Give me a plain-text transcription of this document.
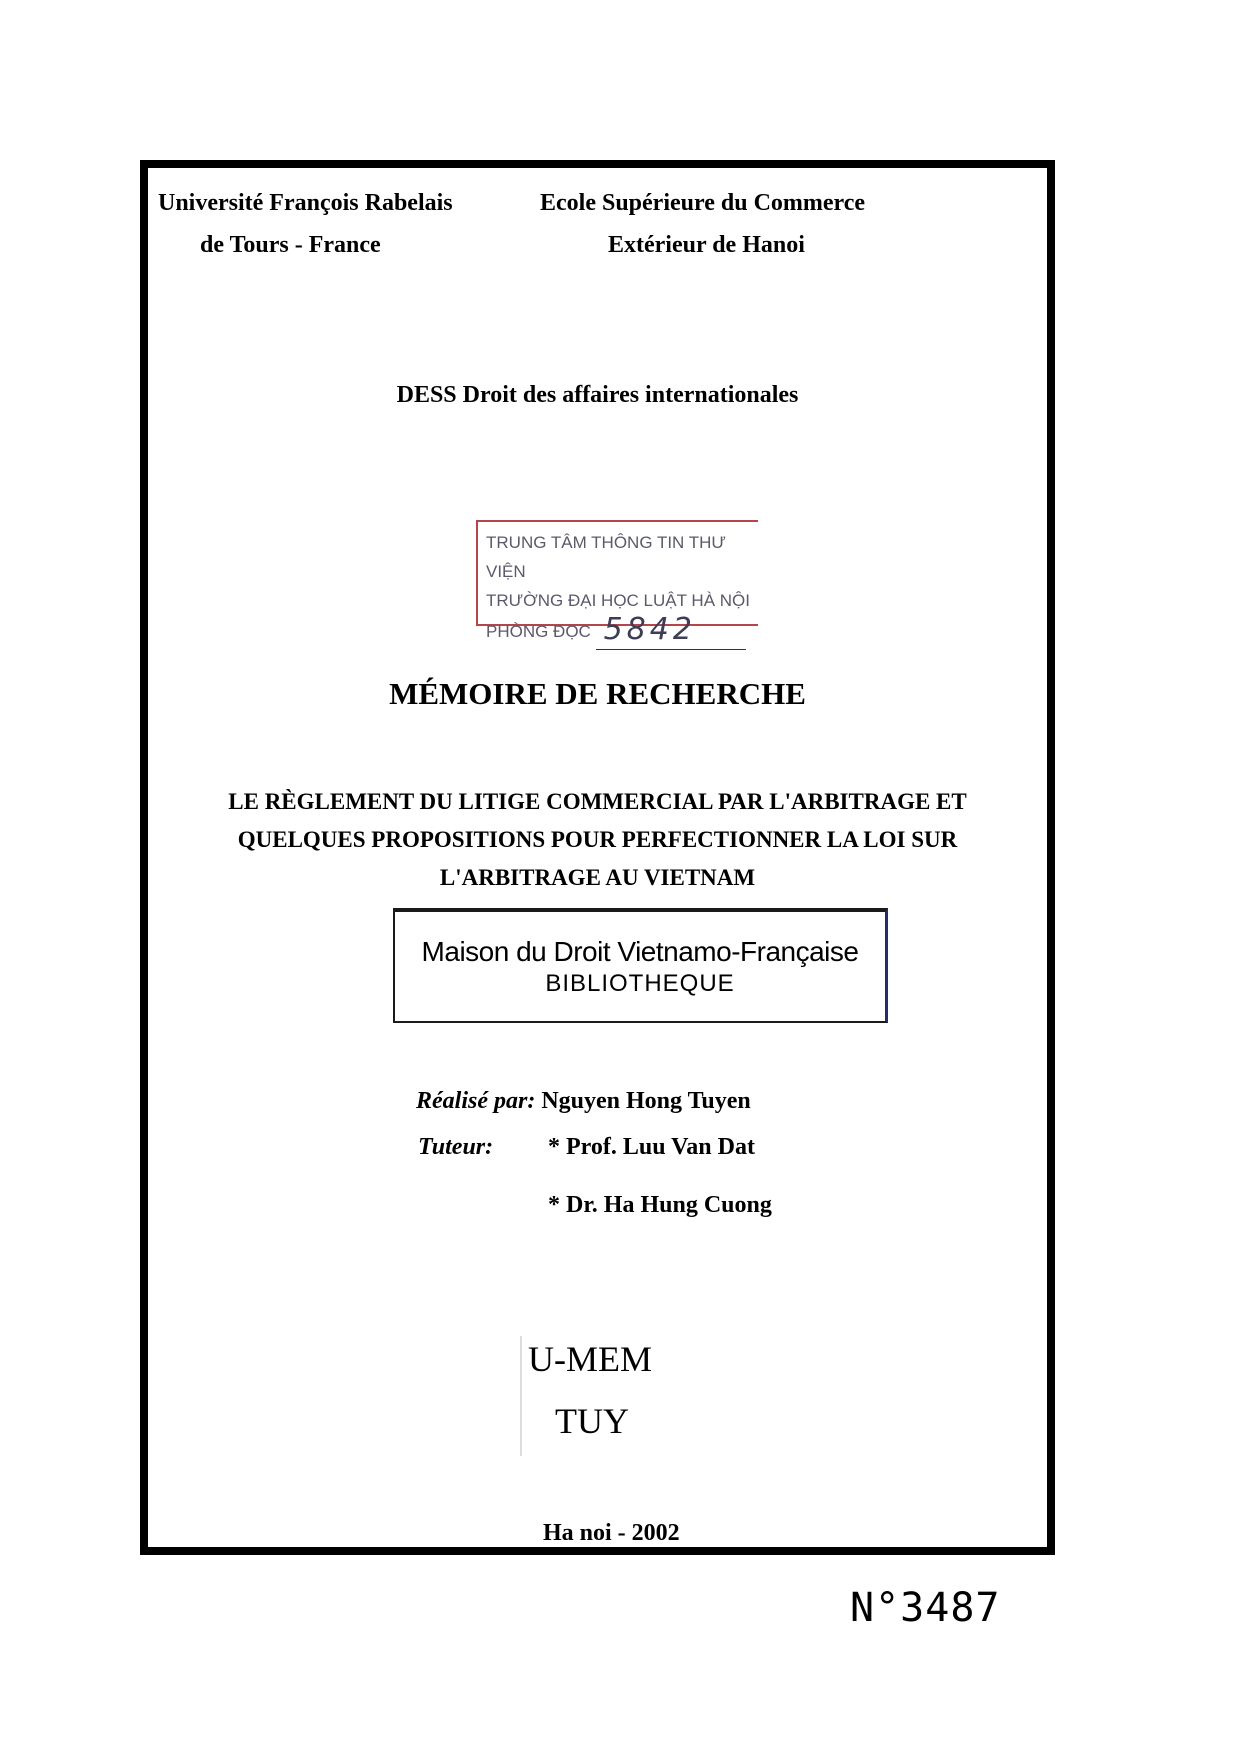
Université François Rabelais
de Tours - France
Ecole Supérieure du Commerce
Extérieur de Hanoi
DESS Droit des affaires internationales
TRUNG TÂM THÔNG TIN THƯ VIỆN
TRƯỜNG ĐẠI HỌC LUẬT HÀ NỘI
PHÒNG ĐỌC 5842
MÉMOIRE DE RECHERCHE
LE RÈGLEMENT DU LITIGE COMMERCIAL PAR L'ARBITRAGE ET
QUELQUES PROPOSITIONS POUR PERFECTIONNER LA LOI SUR
L'ARBITRAGE AU VIETNAM
Maison du Droit Vietnamo-Française
BIBLIOTHEQUE
Réalisé par: Nguyen Hong Tuyen
Tuteur: * Prof. Luu Van Dat
* Dr. Ha Hung Cuong
U-MEM
TUY
Ha noi - 2002
N°3487
